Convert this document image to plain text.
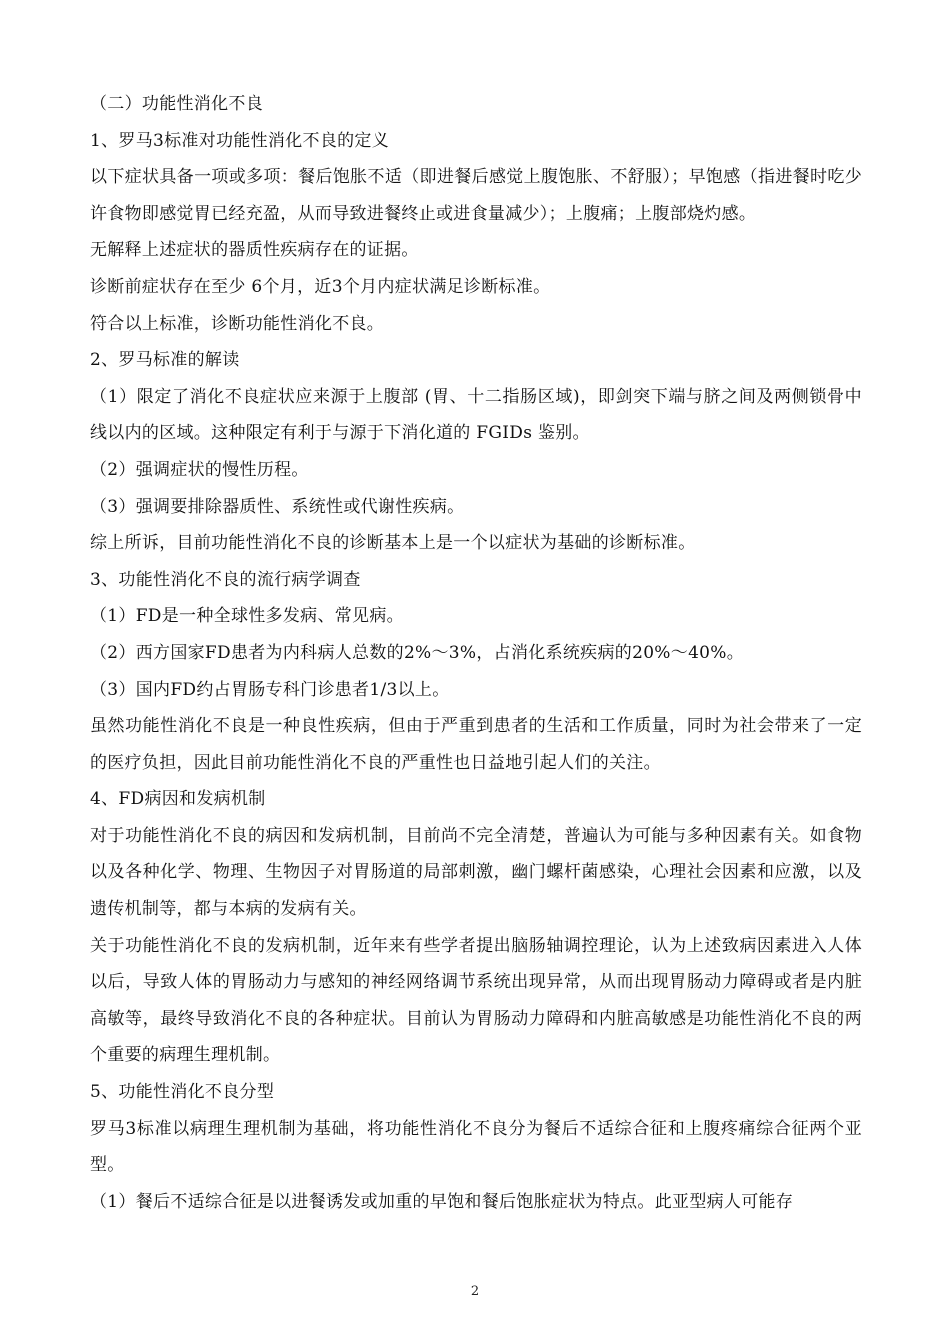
（二）功能性消化不良

1、罗马3标准对功能性消化不良的定义

以下症状具备一项或多项：餐后饱胀不适（即进餐后感觉上腹饱胀、不舒服）；早饱感（指进餐时吃少许食物即感觉胃已经充盈，从而导致进餐终止或进食量减少）；上腹痛；上腹部烧灼感。

无解释上述症状的器质性疾病存在的证据。

诊断前症状存在至少 6个月，近3个月内症状满足诊断标准。

符合以上标准，诊断功能性消化不良。

2、罗马标准的解读

（1）限定了消化不良症状应来源于上腹部 (胃、十二指肠区域)，即剑突下端与脐之间及两侧锁骨中线以内的区域。这种限定有利于与源于下消化道的 FGIDs 鉴别。

（2）强调症状的慢性历程。

（3）强调要排除器质性、系统性或代谢性疾病。

综上所诉，目前功能性消化不良的诊断基本上是一个以症状为基础的诊断标准。

3、功能性消化不良的流行病学调查

（1）FD是一种全球性多发病、常见病。

（2）西方国家FD患者为内科病人总数的2%～3%，占消化系统疾病的20%～40%。

（3）国内FD约占胃肠专科门诊患者1/3以上。

虽然功能性消化不良是一种良性疾病，但由于严重到患者的生活和工作质量，同时为社会带来了一定的医疗负担，因此目前功能性消化不良的严重性也日益地引起人们的关注。

4、FD病因和发病机制

对于功能性消化不良的病因和发病机制，目前尚不完全清楚，普遍认为可能与多种因素有关。如食物以及各种化学、物理、生物因子对胃肠道的局部刺激，幽门螺杆菌感染，心理社会因素和应激，以及遗传机制等，都与本病的发病有关。

关于功能性消化不良的发病机制，近年来有些学者提出脑肠轴调控理论，认为上述致病因素进入人体以后，导致人体的胃肠动力与感知的神经网络调节系统出现异常，从而出现胃肠动力障碍或者是内脏高敏等，最终导致消化不良的各种症状。目前认为胃肠动力障碍和内脏高敏感是功能性消化不良的两个重要的病理生理机制。

5、功能性消化不良分型

罗马3标准以病理生理机制为基础，将功能性消化不良分为餐后不适综合征和上腹疼痛综合征两个亚型。

（1）餐后不适综合征是以进餐诱发或加重的早饱和餐后饱胀症状为特点。此亚型病人可能存

2
